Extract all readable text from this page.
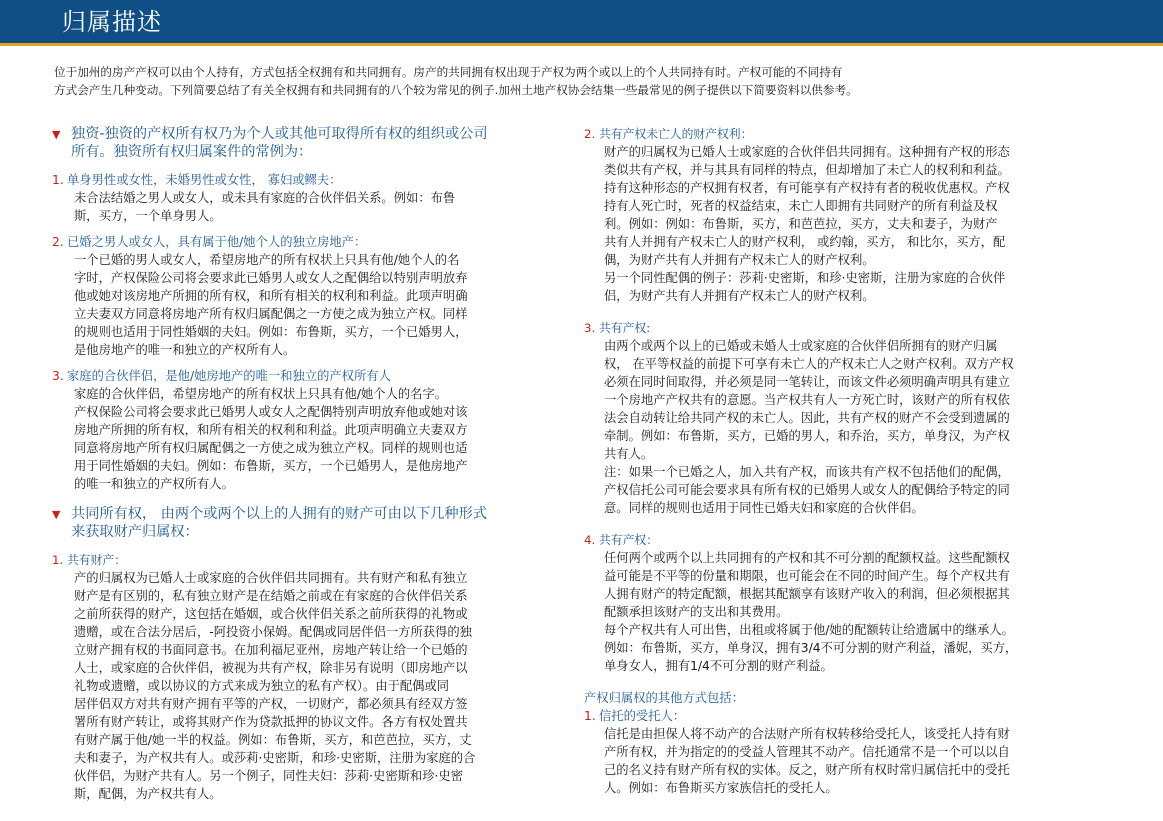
归属描述
位于加州的房产产权可以由个人持有，方式包括全权拥有和共同拥有。房产的共同拥有权出现于产权为两个或以上的个人共同持有时。产权可能的不同持有
方式会产生几种变动。下列简要总结了有关全权拥有和共同拥有的八个较为常见的例子.加州土地产权协会结集一些最常见的例子提供以下简要资料以供参考。
▼ 独资-独资的产权所有权乃为个人或其他可取得所有权的组织或公司
所有。独资所有权归属案件的常例为：
1. 单身男性或女性，未婚男性或女性， 寡妇或鳏夫：
未合法结婚之男人或女人，或未具有家庭的合伙伴侣关系。例如：布鲁
斯，买方，一个单身男人。
2. 已婚之男人或女人，具有属于他/她个人的独立房地产：
一个已婚的男人或女人，希望房地产的所有权状上只具有他/她个人的名
字时，产权保险公司将会要求此已婚男人或女人之配偶给以特别声明放弃
他或她对该房地产所拥的所有权，和所有相关的权利和利益。此项声明确
立夫妻双方同意将房地产所有权归属配偶之一方使之成为独立产权。同样
的规则也适用于同性婚姻的夫妇。例如：布鲁斯，买方，一个已婚男人，
是他房地产的唯一和独立的产权所有人。
3. 家庭的合伙伴侣，是他/她房地产的唯一和独立的产权所有人
家庭的合伙伴侣，希望房地产的所有权状上只具有他/她个人的名字。
产权保险公司将会要求此已婚男人或女人之配偶特别声明放弃他或她对该
房地产所拥的所有权，和所有相关的权利和利益。此项声明确立夫妻双方
同意将房地产所有权归属配偶之一方使之成为独立产权。同样的规则也适
用于同性婚姻的夫妇。例如：布鲁斯，买方，一个已婚男人，是他房地产
的唯一和独立的产权所有人。
▼ 共同所有权， 由两个或两个以上的人拥有的财产可由以下几种形式
来获取财产归属权：
1. 共有财产：
产的归属权为已婚人士或家庭的合伙伴侣共同拥有。共有财产和私有独立
财产是有区别的，私有独立财产是在结婚之前或在有家庭的合伙伴侣关系
之前所获得的财产，这包括在婚姻，或合伙伴侣关系之前所获得的礼物或
遗赠，或在合法分居后，-阿投资小保姆。配偶或同居伴侣一方所获得的独
立财产拥有权的书面同意书。在加利福尼亚州，房地产转让给一个已婚的
人士，或家庭的合伙伴侣，被视为共有产权，除非另有说明（即房地产以
礼物或遗赠，或以协议的方式来成为独立的私有产权）。由于配偶或同
居伴侣双方对共有财产拥有平等的产权，一切财产，都必须具有经双方签
署所有财产转让，或将其财产作为贷款抵押的协议文件。各方有权处置共
有财产属于他/她一半的权益。例如：布鲁斯，买方，和芭芭拉，买方，丈
夫和妻子，为产权共有人。或莎莉·史密斯，和珍·史密斯，注册为家庭的合
伙伴侣，为财产共有人。另一个例子，同性夫妇：莎莉·史密斯和珍·史密
斯，配偶，为产权共有人。
2. 共有产权未亡人的财产权利：
财产的归属权为已婚人士或家庭的合伙伴侣共同拥有。这种拥有产权的形态
类似共有产权，并与其具有同样的特点，但却增加了未亡人的权利和利益。
持有这种形态的产权拥有权者，有可能享有产权持有者的税收优惠权。产权
持有人死亡时，死者的权益结束，未亡人即拥有共同财产的所有利益及权
利。例如：例如：布鲁斯，买方，和芭芭拉，买方，丈夫和妻子，为财产
共有人并拥有产权未亡人的财产权利， 或约翰，买方， 和比尔，买方，配
偶，为财产共有人并拥有产权未亡人的财产权利。
另一个同性配偶的例子：莎莉·史密斯，和珍·史密斯，注册为家庭的合伙伴
侣，为财产共有人并拥有产权未亡人的财产权利。
3. 共有产权:
由两个或两个以上的已婚或未婚人士或家庭的合伙伴侣所拥有的财产归属
权， 在平等权益的前提下可享有未亡人的产权未亡人之财产权利。双方产权
必须在同时间取得，并必须是同一笔转让，而该文件必须明确声明具有建立
一个房地产产权共有的意愿。当产权共有人一方死亡时，该财产的所有权依
法会自动转让给共同产权的未亡人。因此，共有产权的财产不会受到遗属的
牵制。例如：布鲁斯，买方，已婚的男人，和乔治，买方，单身汉，为产权
共有人。
注：如果一个已婚之人，加入共有产权，而该共有产权不包括他们的配偶，
产权信托公司可能会要求具有所有权的已婚男人或女人的配偶给予特定的同
意。同样的规则也适用于同性已婚夫妇和家庭的合伙伴侣。
4. 共有产权：
任何两个或两个以上共同拥有的产权和其不可分割的配额权益。这些配额权
益可能是不平等的份量和期限，也可能会在不同的时间产生。每个产权共有
人拥有财产的特定配额，根据其配额享有该财产收入的利润，但必须根据其
配额承担该财产的支出和其费用。
每个产权共有人可出售，出租或将属于他/她的配额转让给遗属中的继承人。
例如：布鲁斯，买方，单身汉，拥有3/4不可分割的财产利益，潘妮，买方，
单身女人，拥有1/4不可分割的财产利益。
产权归属权的其他方式包括：
1. 信托的受托人：
信托是由担保人将不动产的合法财产所有权转移给受托人，该受托人持有财
产所有权，并为指定的的受益人管理其不动产。信托通常不是一个可以以自
己的名义持有财产所有权的实体。反之，财产所有权时常归属信托中的受托
人。例如：布鲁斯买方家族信托的受托人。
